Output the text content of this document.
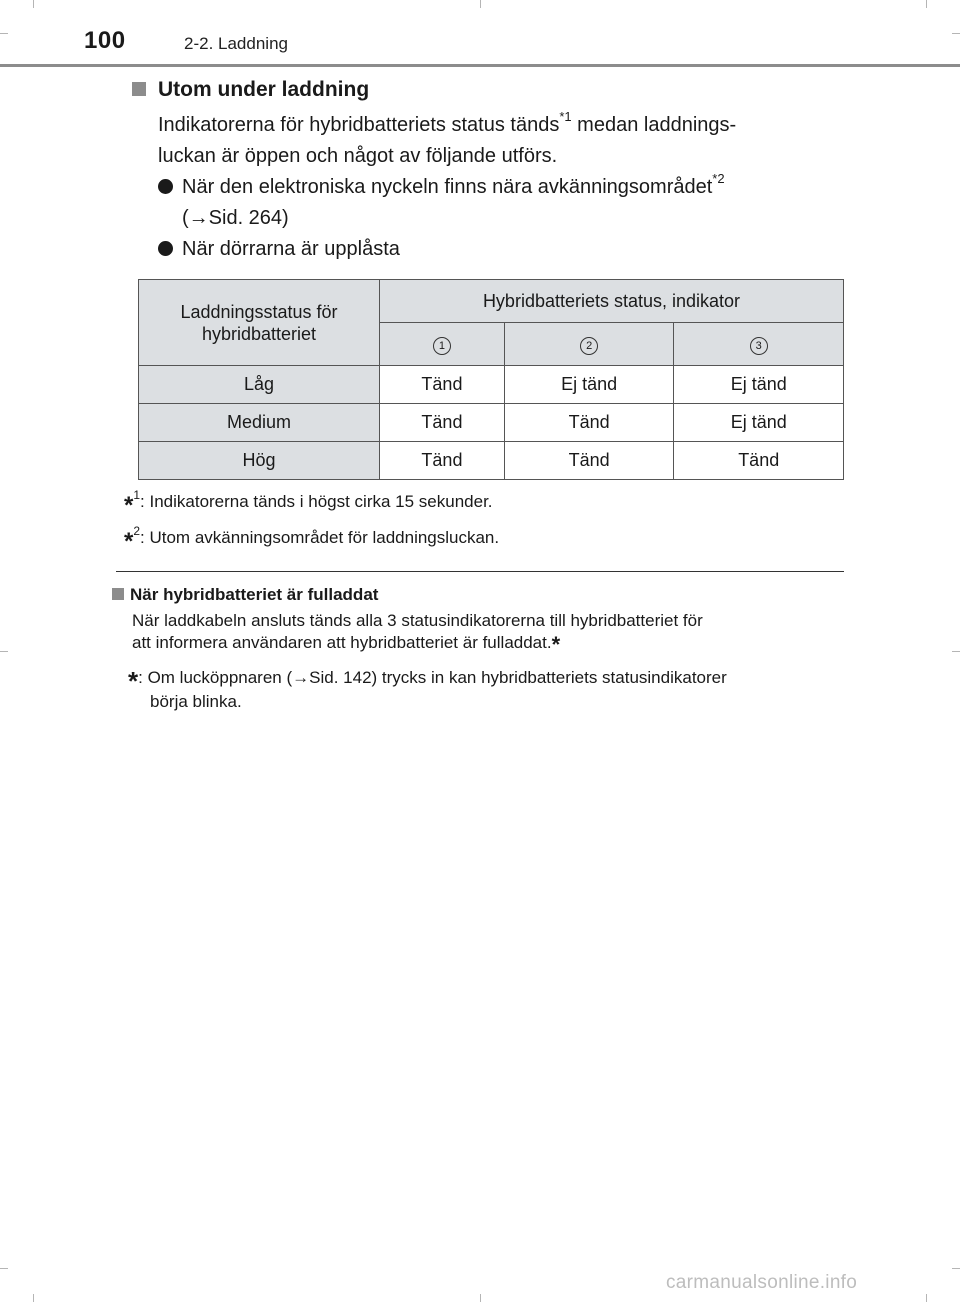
100	2-2. Laddning
Utom under laddning
Indikatorerna för hybridbatteriets status tänds$^{*1}$ medan laddnings-
luckan är öppen och något av följande utförs.
När den elektroniska nyckeln finns nära avkänningsområdet$^{*2}$
(→Sid. 264)
När dörrarna är upplåsta
Laddningsstatus för hybridbatteriet	Hybridbatteriets status, indikator		
	1	2	3
Låg	Tänd	Ej tänd	Ej tänd
Medium	Tänd	Tänd	Ej tänd
Hög	Tänd	Tänd	Tänd
*$^1$: Indikatorerna tänds i högst cirka 15 sekunder.
*$^2$: Utom avkänningsområdet för laddningsluckan.
När hybridbatteriet är fulladdat
När laddkabeln ansluts tänds alla 3 statusindikatorerna till hybridbatteriet för
att informera användaren att hybridbatteriet är fulladdat.*
*: Om lucköppnaren (→Sid. 142) trycks in kan hybridbatteriets statusindikatorer
börja blinka.
carmanualsonline.info
